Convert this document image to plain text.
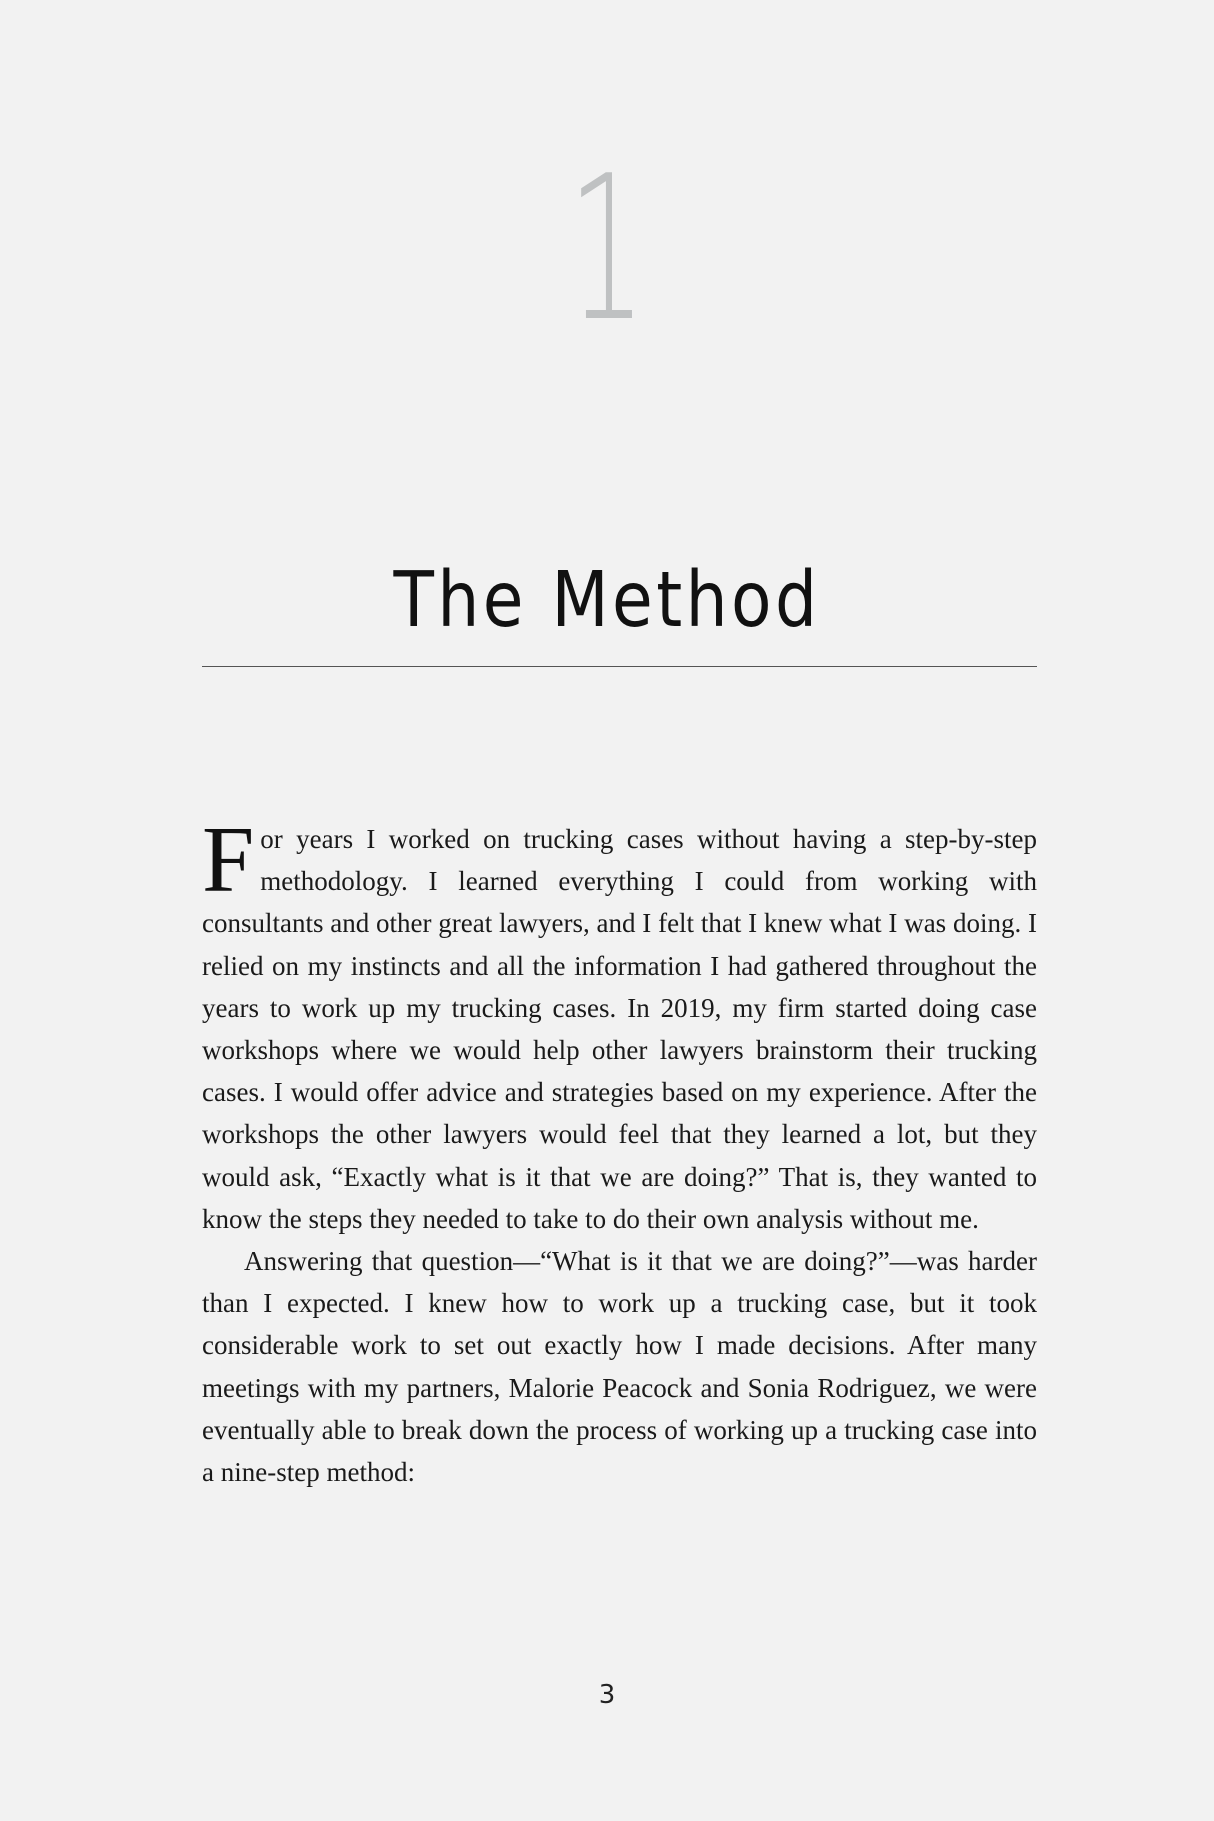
1
The Method

For years I worked on trucking cases without having a step-by-step methodology. I learned everything I could from working with consultants and other great lawyers, and I felt that I knew what I was doing. I relied on my instincts and all the information I had gathered throughout the years to work up my trucking cases. In 2019, my firm started doing case workshops where we would help other lawyers brainstorm their trucking cases. I would offer advice and strategies based on my experience. After the workshops the other lawyers would feel that they learned a lot, but they would ask, “Exactly what is it that we are doing?” That is, they wanted to know the steps they needed to take to do their own analysis without me.

Answering that question—“What is it that we are doing?”—was harder than I expected. I knew how to work up a trucking case, but it took considerable work to set out exactly how I made decisions. After many meetings with my partners, Malorie Peacock and Sonia Rodriguez, we were eventually able to break down the process of working up a trucking case into a nine-step method:

3
